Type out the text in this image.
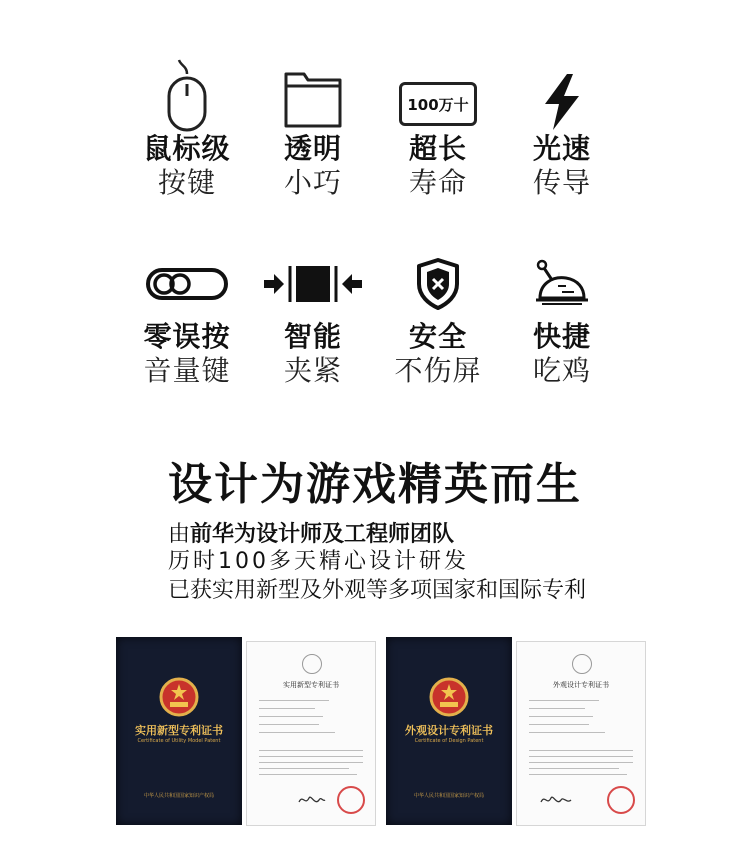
鼠标级
按键
透明
小巧
100万十
超长
寿命
光速
传导
零误按
音量键
智能
夹紧
安全
不伤屏
快捷
吃鸡
设计为游戏精英而生
由前华为设计师及工程师团队
历时100多天精心设计研发
已获实用新型及外观等多项国家和国际专利
实用新型专利证书
Certificate of Utility Model Patent
中华人民共和国国家知识产权局
实用新型专利证书
外观设计专利证书
Certificate of Design Patent
中华人民共和国国家知识产权局
外观设计专利证书
